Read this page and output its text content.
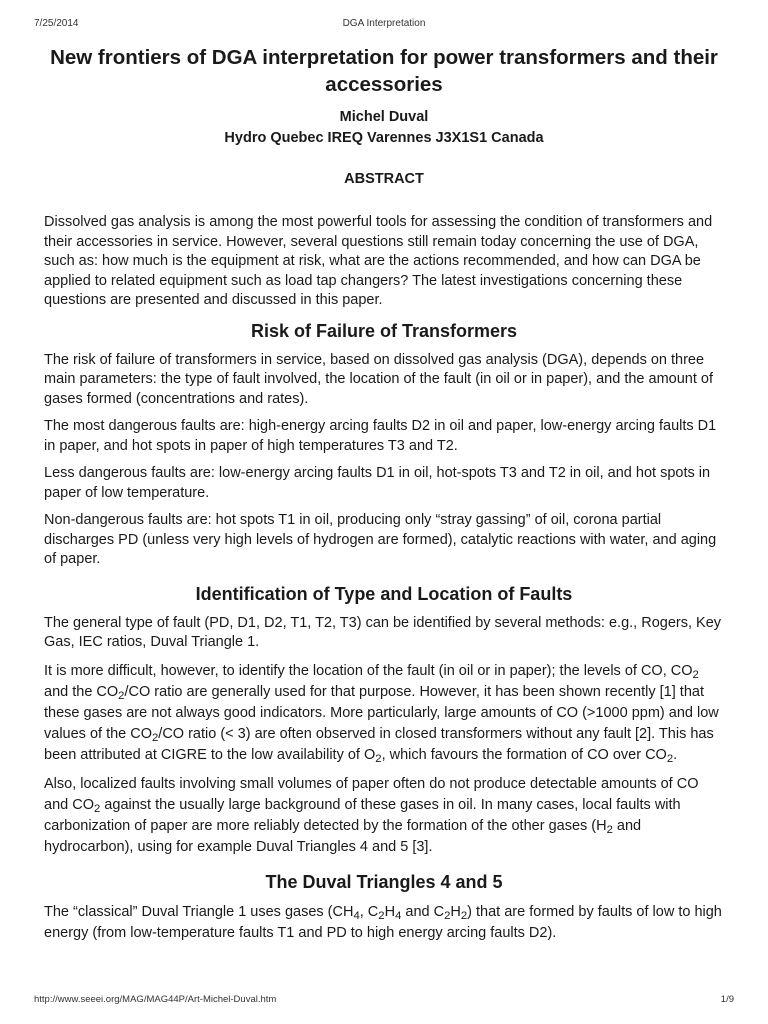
7/25/2014	DGA Interpretation
New frontiers of DGA interpretation for power transformers and their accessories
Michel Duval
Hydro Quebec IREQ Varennes J3X1S1 Canada
ABSTRACT

Dissolved gas analysis is among the most powerful tools for assessing the condition of transformers and their accessories in service. However, several questions still remain today concerning the use of DGA, such as: how much is the equipment at risk, what are the actions recommended, and how can DGA be applied to related equipment such as load tap changers? The latest investigations concerning these questions are presented and discussed in this paper.

Risk of Failure of Transformers

The risk of failure of transformers in service, based on dissolved gas analysis (DGA), depends on three main parameters: the type of fault involved, the location of the fault (in oil or in paper), and the amount of gases formed (concentrations and rates).

The most dangerous faults are: high-energy arcing faults D2 in oil and paper, low-energy arcing faults D1 in paper, and hot spots in paper of high temperatures T3 and T2.

Less dangerous faults are: low-energy arcing faults D1 in oil, hot-spots T3 and T2 in oil, and hot spots in paper of low temperature.

Non-dangerous faults are: hot spots T1 in oil, producing only “stray gassing” of oil, corona partial discharges PD (unless very high levels of hydrogen are formed), catalytic reactions with water, and aging of paper.

Identification of Type and Location of Faults

The general type of fault (PD, D1, D2, T1, T2, T3) can be identified by several methods: e.g., Rogers, Key Gas, IEC ratios, Duval Triangle 1.

It is more difficult, however, to identify the location of the fault (in oil or in paper); the levels of CO, $CO_2$ and the $CO_2/CO$ ratio are generally used for that purpose. However, it has been shown recently [1] that these gases are not always good indicators. More particularly, large amounts of CO (>1000 ppm) and low values of the $CO_2/CO$ ratio (< 3) are often observed in closed transformers without any fault [2]. This has been attributed at CIGRE to the low availability of $O_2$, which favours the formation of CO over $CO_2$.

Also, localized faults involving small volumes of paper often do not produce detectable amounts of CO and $CO_2$ against the usually large background of these gases in oil. In many cases, local faults with carbonization of paper are more reliably detected by the formation of the other gases ($H_2$ and hydrocarbon), using for example Duval Triangles 4 and 5 [3].

The Duval Triangles 4 and 5

The “classical” Duval Triangle 1 uses gases ($CH_4$, $C_2H_4$ and $C_2H_2$) that are formed by faults of low to high energy (from low-temperature faults T1 and PD to high energy arcing faults D2).

http://www.seeei.org/MAG/MAG44P/Art-Michel-Duval.htm	1/9
